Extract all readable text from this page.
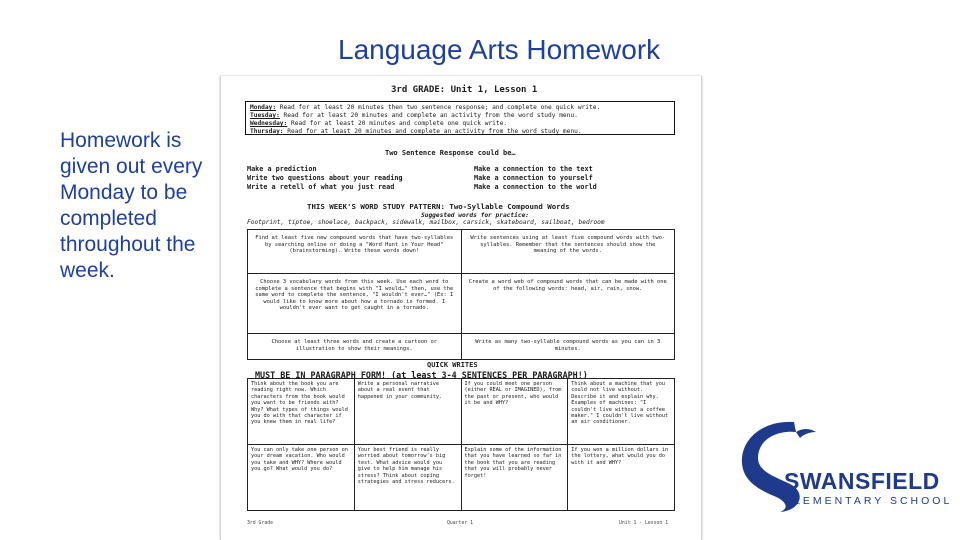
Language Arts Homework

Homework is given out every Monday to be completed throughout the week.

3rd GRADE: Unit 1, Lesson 1
Monday: Read for at least 20 minutes then two sentence response; and complete one quick write.
Tuesday: Read for at least 20 minutes and complete an activity from the word study menu.
Wednesday: Read for at least 20 minutes and complete one quick write.
Thursday: Read for at least 20 minutes and complete an activity from the word study menu.
Two Sentence Response could be…
Make a prediction
Write two questions about your reading
Write a retell of what you just read
Make a connection to the text
Make a connection to yourself
Make a connection to the world
THIS WEEK'S WORD STUDY PATTERN: Two-Syllable Compound Words
Suggested words for practice:
Footprint, tiptoe, shoelace, backpack, sidewalk, mailbox, carsick, skateboard, sailboat, bedroom
Find at least five new compound words that have two-syllables by searching online or doing a "Word Hunt in Your Head" (brainstorming). Write these words down!	Write sentences using at least five compound words with two-syllables. Remember that the sentences should show the meaning of the words.
Choose 3 vocabulary words from this week. Use each word to complete a sentence that begins with "I would…" then, use the same word to complete the sentence, "I wouldn't ever…" (Ex: I would like to know more about how a tornado is formed. I wouldn't ever want to get caught in a tornado.	Create a word web of compound words that can be made with one of the following words: head, air, rain, snow.
Choose at least three words and create a cartoon or illustration to show their meanings.	Write as many two-syllable compound words as you can in 3 minutes.
QUICK WRITES
MUST BE IN PARAGRAPH FORM! (at least 3-4 SENTENCES PER PARAGRAPH!)
Think about the book you are reading right now. Which characters from the book would you want to be friends with? Why? What types of things would you do with that character if you knew them in real life?	Write a personal narrative about a real event that happened in your community.	If you could meet one person (either REAL or IMAGINED), from the past or present, who would it be and WHY?	Think about a machine that you could not live without. Describe it and explain why. Examples of machines: "I couldn't live without a coffee maker." I couldn't live without an air conditioner.
You can only take one person on your dream vacation. Who would you take and WHY? Where would you go? What would you do?	Your best friend is really worried about tomorrow's big test. What advice would you give to help him manage his stress? Think about coping strategies and stress reducers.	Explain some of the information that you have learned so far in the book that you are reading that you will probably never forget!	If you won a million dollars in the lottery, what would you do with it and WHY?
3rd Grade	Quarter 1	Unit 1 - Lesson 1
SWANSFIELD
ELEMENTARY SCHOOL
